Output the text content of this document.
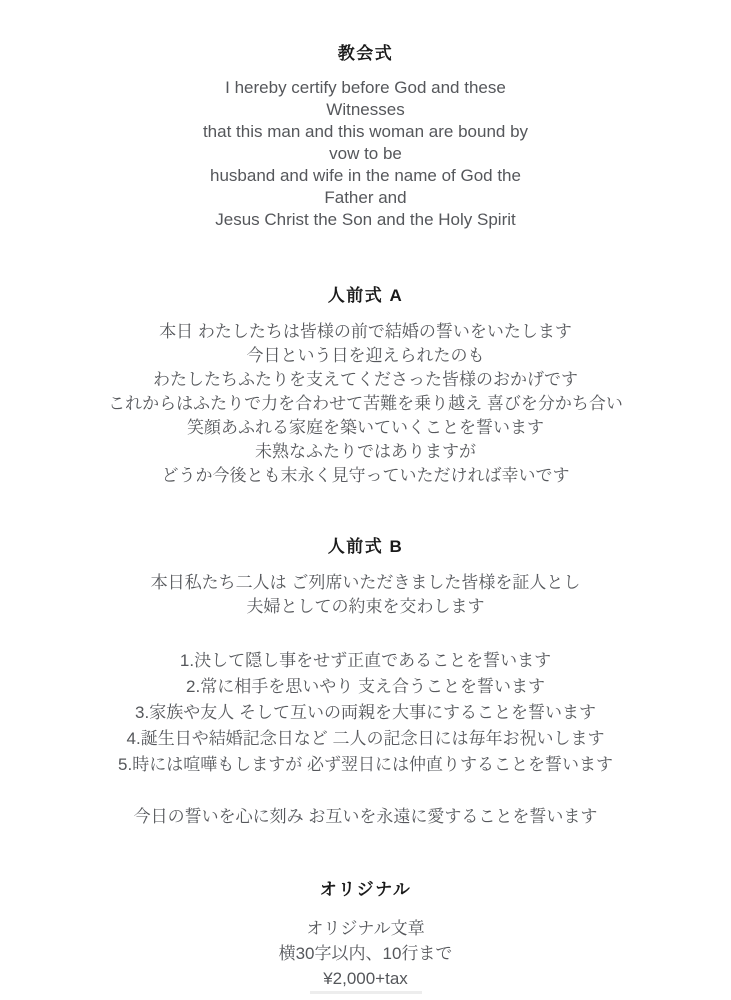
教会式
I hereby certify before God and these
Witnesses
that this man and this woman are bound by
vow to be
husband and wife in the name of God the
Father and
Jesus Christ the Son and the Holy Spirit
人前式 A
本日 わたしたちは皆様の前で結婚の誓いをいたします
今日という日を迎えられたのも
わたしたちふたりを支えてくださった皆様のおかげです
これからはふたりで力を合わせて苦難を乗り越え 喜びを分かち合い
笑顔あふれる家庭を築いていくことを誓います
未熟なふたりではありますが
どうか今後とも末永く見守っていただければ幸いです
人前式 B
本日私たち二人は ご列席いただきました皆様を証人とし
夫婦としての約束を交わします
1.決して隠し事をせず正直であることを誓います
2.常に相手を思いやり 支え合うことを誓います
3.家族や友人 そして互いの両親を大事にすることを誓います
4.誕生日や結婚記念日など 二人の記念日には毎年お祝いします
5.時には喧嘩もしますが 必ず翌日には仲直りすることを誓います
今日の誓いを心に刻み お互いを永遠に愛することを誓います
オリジナル
オリジナル文章
横30字以内、10行まで
¥2,000+tax
